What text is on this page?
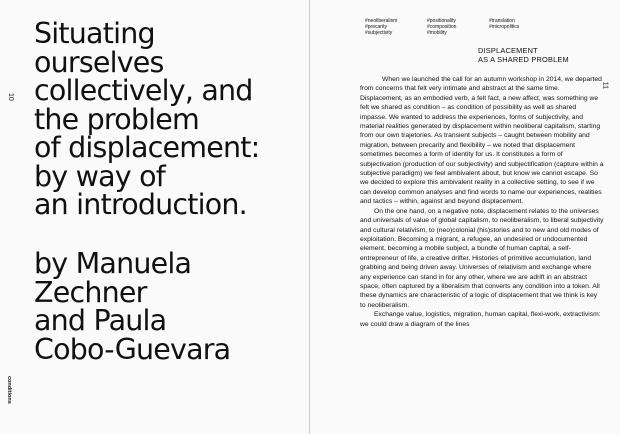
Situating
ourselves
collectively, and
the problem
of displacement:
by way of
an introduction.
by Manuela
Zechner
and Paula
Cobo-Guevara
10
conditions
#neoliberalism	#positionality	#translation
#precarity	#composition	#micropolitics
#subjectivity	#mobility
DISPLACEMENT
AS A SHARED PROBLEM

When we launched the call for an autumn workshop in 2014, we departed from concerns that felt very intimate and abstract at the same time. Displacement, as an embodied verb, a felt fact, a new affect, was something we felt we shared as condition – as condition of possibility as well as shared impasse. We wanted to address the experiences, forms of subjectivity, and material realities generated by displacement within neoliberal capitalism, starting from our own trajetories. As transient subjects – caught between mobility and migration, between precarity and flexibility – we noted that displacement sometimes becomes a form of identity for us. It constitutes a form of subjectivation (production of our subjectivity) and subjectification (capture within a subjective paradigm) we feel ambivalent about, but know we cannot escape. So we decided to explore this ambivalent reality in a collective setting, to see if we can develop common analyses and find words to name our experiences, realities and tactics – within, against and beyond displacement.

On the one hand, on a negative note, displacement relates to the universes and universals of value of global capitalism, to neoliberalism, to liberal subjectivity and cultural relativism, to (neo)colonial (his)stories and to new and old modes of exploitation. Becoming a migrant, a refugee, an undesired or undocumented element, becoming a mobile subject, a bundle of human capital, a self-entrepreneur of life, a creative drifter. Histories of primitive accumulation, land grabbing and being driven away. Universes of relativism and exchange where any experience can stand in for any other, where we are adrift in an abstract space, often captured by a liberalism that converts any condition into a token. All these dynamics are characteristic of a logic of displacement that we think is key to neoliberalism.

Exchange value, logistics, migration, human capital, flexi-work, extractivism: we could draw a diagram of the lines

11
